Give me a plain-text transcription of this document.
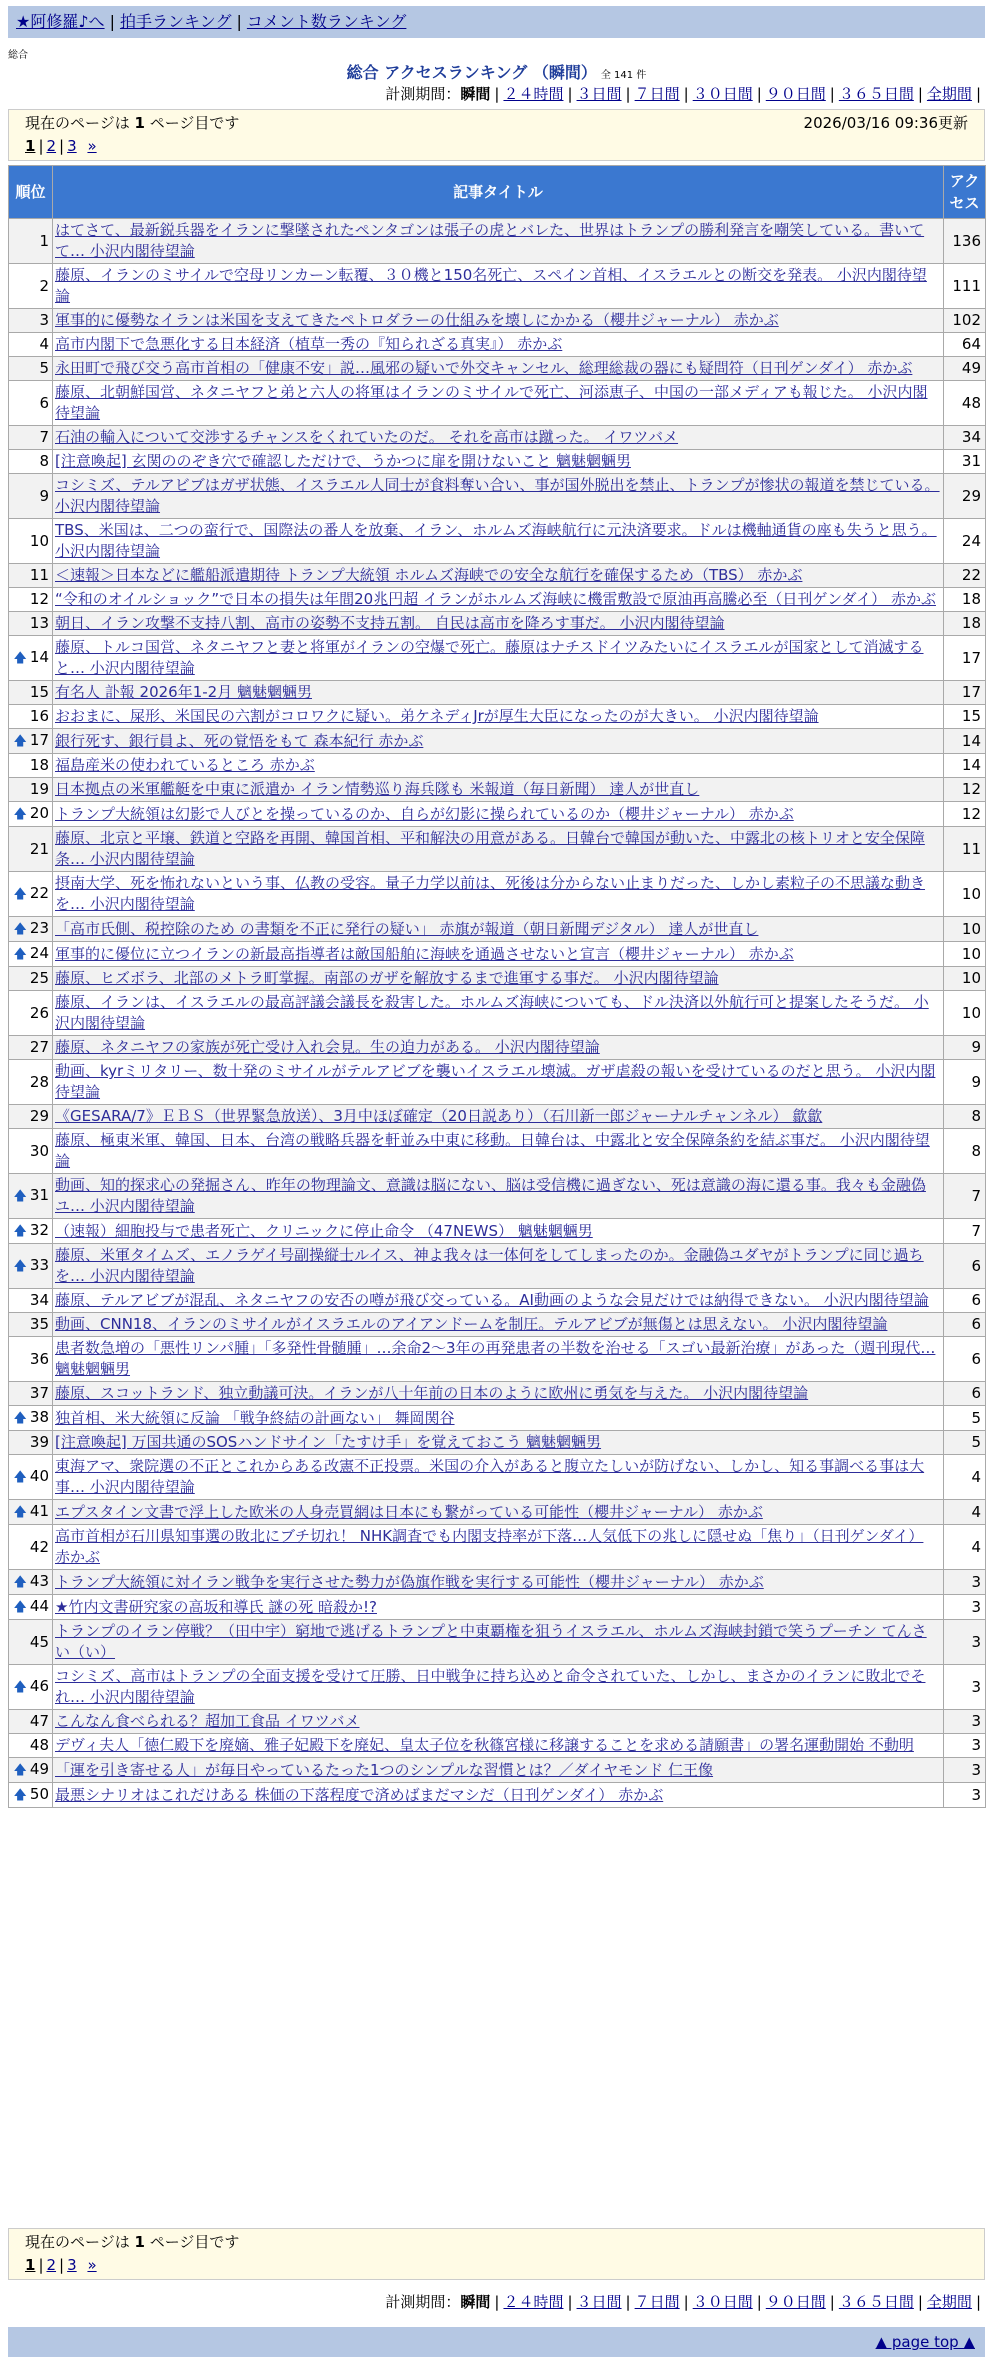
★阿修羅♪へ | 拍手ランキング | コメント数ランキング
総合
総合 アクセスランキング （瞬間） 全 141 件
計測期間：瞬間 | ２４時間 | ３日間 | ７日間 | ３０日間 | ９０日間 | ３６５日間 | 全期間 |
現在のページは 1 ページ目です	2026/03/16 09:36更新
1 | 2 | 3 »
順位	記事タイトル	アクセス
1	はてさて、最新鋭兵器をイランに撃墜されたペンタゴンは張子の虎とバレた、世界はトランプの勝利発言を嘲笑している。書いてて… 小沢内閣待望論	136
2	藤原、イランのミサイルで空母リンカーン転覆、３０機と150名死亡、スペイン首相、イスラエルとの断交を発表。 小沢内閣待望論	111
3	軍事的に優勢なイランは米国を支えてきたペトロダラーの仕組みを壊しにかかる（櫻井ジャーナル） 赤かぶ	102
4	高市内閣下で急悪化する日本経済（植草一秀の『知られざる真実』） 赤かぶ	64
5	永田町で飛び交う高市首相の「健康不安」説…風邪の疑いで外交キャンセル、総理総裁の器にも疑問符（日刊ゲンダイ） 赤かぶ	49
6	藤原、北朝鮮国営、ネタニヤフと弟と六人の将軍はイランのミサイルで死亡、河添恵子、中国の一部メディアも報じた。 小沢内閣待望論	48
7	石油の輸入について交渉するチャンスをくれていたのだ。 それを高市は蹴った。 イワツバメ	34
8	[注意喚起] 玄関ののぞき穴で確認しただけで、うかつに扉を開けないこと 魑魅魍魎男	31
9	コシミズ、テルアビブはガザ状態、イスラエル人同士が食料奪い合い、事が国外脱出を禁止、トランプが惨状の報道を禁じている。 小沢内閣待望論	29
10	TBS、米国は、二つの蛮行で、国際法の番人を放棄、イラン、ホルムズ海峡航行に元決済要求。ドルは機軸通貨の座も失うと思う。 小沢内閣待望論	24
11	＜速報＞日本などに艦船派遣期待 トランプ大統領 ホルムズ海峡での安全な航行を確保するため（TBS） 赤かぶ	22
12	“令和のオイルショック”で日本の損失は年間20兆円超 イランがホルムズ海峡に機雷敷設で原油再高騰必至（日刊ゲンダイ） 赤かぶ	18
13	朝日、イラン攻撃不支持八割、高市の姿勢不支持五割。 自民は高市を降ろす事だ。 小沢内閣待望論	18
🡅 14	藤原、トルコ国営、ネタニヤフと妻と将軍がイランの空爆で死亡。藤原はナチスドイツみたいにイスラエルが国家として消滅すると… 小沢内閣待望論	17
15	有名人 訃報 2026年1-2月 魑魅魍魎男	17
16	おおまに、屎形、米国民の六割がコロワクに疑い。弟ケネディJrが厚生大臣になったのが大きい。 小沢内閣待望論	15
🡅 17	銀行死す、銀行員よ、死の覚悟をもて 森本紀行 赤かぶ	14
18	福島産米の使われているところ 赤かぶ	14
19	日本拠点の米軍艦艇を中東に派遣か イラン情勢巡り海兵隊も 米報道（毎日新聞） 達人が世直し	12
🡅 20	トランプ大統領は幻影で人びとを操っているのか、自らが幻影に操られているのか（櫻井ジャーナル） 赤かぶ	12
21	藤原、北京と平壌、鉄道と空路を再開、韓国首相、平和解決の用意がある。日韓台で韓国が動いた、中露北の核トリオと安全保障条… 小沢内閣待望論	11
🡅 22	摂南大学、死を怖れないという事、仏教の受容。量子力学以前は、死後は分からない止まりだった、しかし素粒子の不思議な動きを… 小沢内閣待望論	10
🡅 23	「高市氏側、税控除のため の書類を不正に発行の疑い」 赤旗が報道（朝日新聞デジタル） 達人が世直し	10
🡅 24	軍事的に優位に立つイランの新最高指導者は敵国船舶に海峡を通過させないと宣言（櫻井ジャーナル） 赤かぶ	10
25	藤原、ヒズボラ、北部のメトラ町掌握。南部のガザを解放するまで進軍する事だ。 小沢内閣待望論	10
26	藤原、イランは、イスラエルの最高評議会議長を殺害した。ホルムズ海峡についても、ドル決済以外航行可と提案したそうだ。 小沢内閣待望論	10
27	藤原、ネタニヤフの家族が死亡受け入れ会見。生の迫力がある。 小沢内閣待望論	9
28	動画、kyrミリタリー、数十発のミサイルがテルアビブを襲いイスラエル壊滅。ガザ虐殺の報いを受けているのだと思う。 小沢内閣待望論	9
29	《GESARA/7》ＥＢＳ（世界緊急放送）、3月中ほぼ確定（20日説あり）（石川新一郎ジャーナルチャンネル） 歙歙	8
30	藤原、極東米軍、韓国、日本、台湾の戦略兵器を軒並み中東に移動。日韓台は、中露北と安全保障条約を結ぶ事だ。 小沢内閣待望論	8
🡅 31	動画、知的探求心の発掘さん、昨年の物理論文、意識は脳にない、脳は受信機に過ぎない、死は意識の海に還る事。我々も金融偽ユ… 小沢内閣待望論	7
🡅 32	（速報）細胞投与で患者死亡、クリニックに停止命令 （47NEWS） 魑魅魍魎男	7
🡅 33	藤原、米軍タイムズ、エノラゲイ号副操縦士ルイス、神よ我々は一体何をしてしまったのか。金融偽ユダヤがトランプに同じ過ちを… 小沢内閣待望論	6
34	藤原、テルアビブが混乱、ネタニヤフの安否の噂が飛び交っている。AI動画のような会見だけでは納得できない。 小沢内閣待望論	6
35	動画、CNN18、イランのミサイルがイスラエルのアイアンドームを制圧。テルアビブが無傷とは思えない。 小沢内閣待望論	6
36	患者数急増の「悪性リンパ腫」「多発性骨髄腫」…余命2～3年の再発患者の半数を治せる「スゴい最新治療」があった（週刊現代… 魑魅魍魎男	6
37	藤原、スコットランド、独立動議可決。イランが八十年前の日本のように欧州に勇気を与えた。 小沢内閣待望論	6
🡅 38	独首相、米大統領に反論 「戦争終結の計画ない」 舞岡関谷	5
39	[注意喚起] 万国共通のSOSハンドサイン「たすけ手」を覚えておこう 魑魅魍魎男	5
🡅 40	東海アマ、衆院選の不正とこれからある改憲不正投票。米国の介入があると腹立たしいが防げない、しかし、知る事調べる事は大事… 小沢内閣待望論	4
🡅 41	エプスタイン文書で浮上した欧米の人身売買網は日本にも繋がっている可能性（櫻井ジャーナル） 赤かぶ	4
42	高市首相が石川県知事選の敗北にブチ切れ！ NHK調査でも内閣支持率が下落…人気低下の兆しに隠せぬ「焦り」（日刊ゲンダイ） 赤かぶ	4
🡅 43	トランプ大統領に対イラン戦争を実行させた勢力が偽旗作戦を実行する可能性（櫻井ジャーナル） 赤かぶ	3
🡅 44	★竹内文書研究家の高坂和導氏 謎の死 暗殺か!?	3
45	トランプのイラン停戦？（田中宇）窮地で逃げるトランプと中東覇権を狙うイスラエル、ホルムズ海峡封鎖で笑うプーチン てんさい（い）	3
🡅 46	コシミズ、高市はトランプの全面支援を受けて圧勝、日中戦争に持ち込めと命令されていた、しかし、まさかのイランに敗北でそれ… 小沢内閣待望論	3
47	こんなん食べられる？超加工食品 イワツバメ	3
48	デヴィ夫人「徳仁殿下を廃嫡、雅子妃殿下を廃妃、皇太子位を秋篠宮様に移譲することを求める請願書」の署名運動開始 不動明	3
🡅 49	「運を引き寄せる人」が毎日やっているたった1つのシンプルな習慣とは？／ダイヤモンド 仁王像	3
🡅 50	最悪シナリオはこれだけある 株価の下落程度で済めばまだマシだ（日刊ゲンダイ） 赤かぶ	3
現在のページは 1 ページ目です
1 | 2 | 3 »
計測期間：瞬間 | ２４時間 | ３日間 | ７日間 | ３０日間 | ９０日間 | ３６５日間 | 全期間 |
▲ page top ▲
